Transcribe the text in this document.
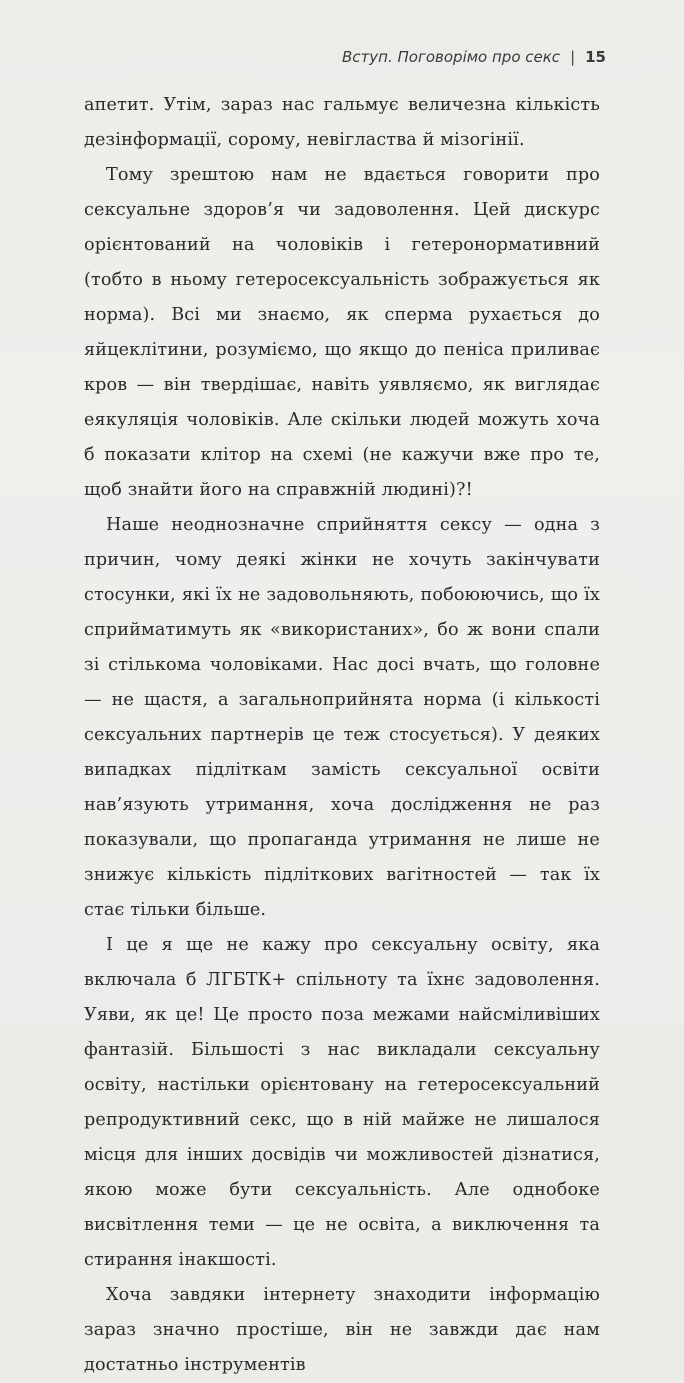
Вступ. Поговорімо про секс | 15

апетит. Утім, зараз нас гальмує величезна кількість дезінформації, сорому, невігластва й мізогінії.

Тому зрештою нам не вдається говорити про сексуальне здоров’я чи задоволення. Цей дискурс орієнтований на чоловіків і гетеронормативний (тобто в ньому гетеросексуальність зображується як норма). Всі ми знаємо, як сперма рухається до яйцеклітини, розуміємо, що якщо до пеніса приливає кров — він твердішає, навіть уявляємо, як виглядає еякуляція чоловіків. Але скільки людей можуть хоча б показати клітор на схемі (не кажучи вже про те, щоб знайти його на справжній людині)?!

Наше неоднозначне сприйняття сексу — одна з причин, чому деякі жінки не хочуть закінчувати стосунки, які їх не задовольняють, побоюючись, що їх сприйматимуть як «використаних», бо ж вони спали зі стількома чоловіками. Нас досі вчать, що головне — не щастя, а загальноприйнята норма (і кількості сексуальних партнерів це теж стосується). У деяких випадках підліткам замість сексуальної освіти нав’язують утримання, хоча дослідження не раз показували, що пропаганда утримання не лише не знижує кількість підліткових вагітностей — так їх стає тільки більше.

І це я ще не кажу про сексуальну освіту, яка включала б ЛГБТК+ спільноту та їхнє задоволення. Уяви, як це! Це просто поза межами найсміливіших фантазій. Більшості з нас викладали сексуальну освіту, настільки орієнтовану на гетеросексуальний репродуктивний секс, що в ній майже не лишалося місця для інших досвідів чи можливостей дізнатися, якою може бути сексуальність. Але однобоке висвітлення теми — це не освіта, а виключення та стирання інакшості.

Хоча завдяки інтернету знаходити інформацію зараз значно простіше, він не завжди дає нам достатньо інструментів
